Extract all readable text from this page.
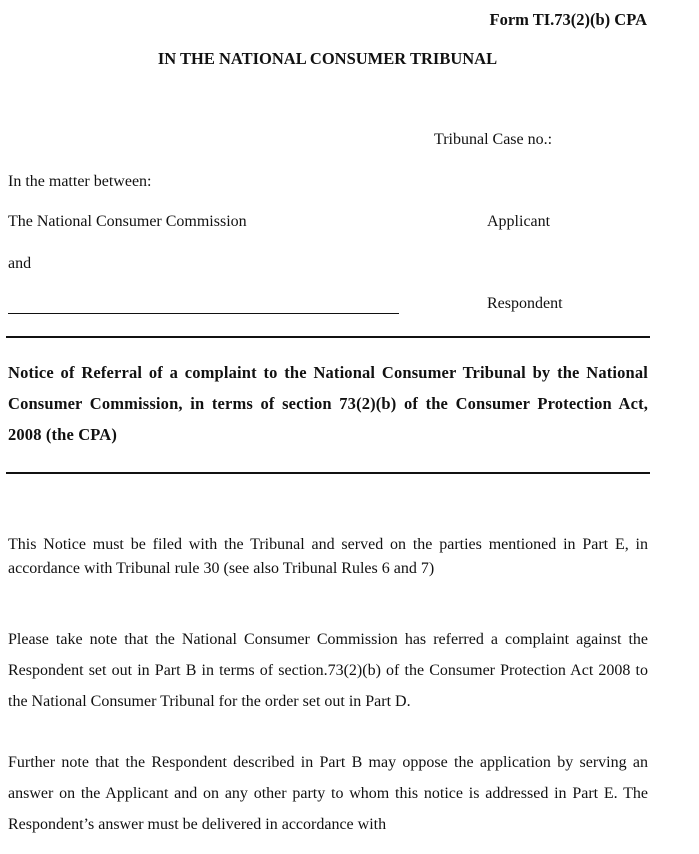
Form TI.73(2)(b) CPA
IN THE NATIONAL CONSUMER TRIBUNAL
Tribunal Case no.:
In the matter between:
The National Consumer Commission	Applicant
and
Respondent
Notice of Referral of a complaint to the National Consumer Tribunal by the National Consumer Commission, in terms of section 73(2)(b) of the Consumer Protection Act, 2008 (the CPA)
This Notice must be filed with the Tribunal and served on the parties mentioned in Part E, in accordance with Tribunal rule 30 (see also Tribunal Rules 6 and 7)
Please take note that the National Consumer Commission has referred a complaint against the Respondent set out in Part B in terms of section.73(2)(b) of the Consumer Protection Act 2008 to the National Consumer Tribunal for the order set out in Part D.
Further note that the Respondent described in Part B may oppose the application by serving an answer on the Applicant and on any other party to whom this notice is addressed in Part E. The Respondent’s answer must be delivered in accordance with
